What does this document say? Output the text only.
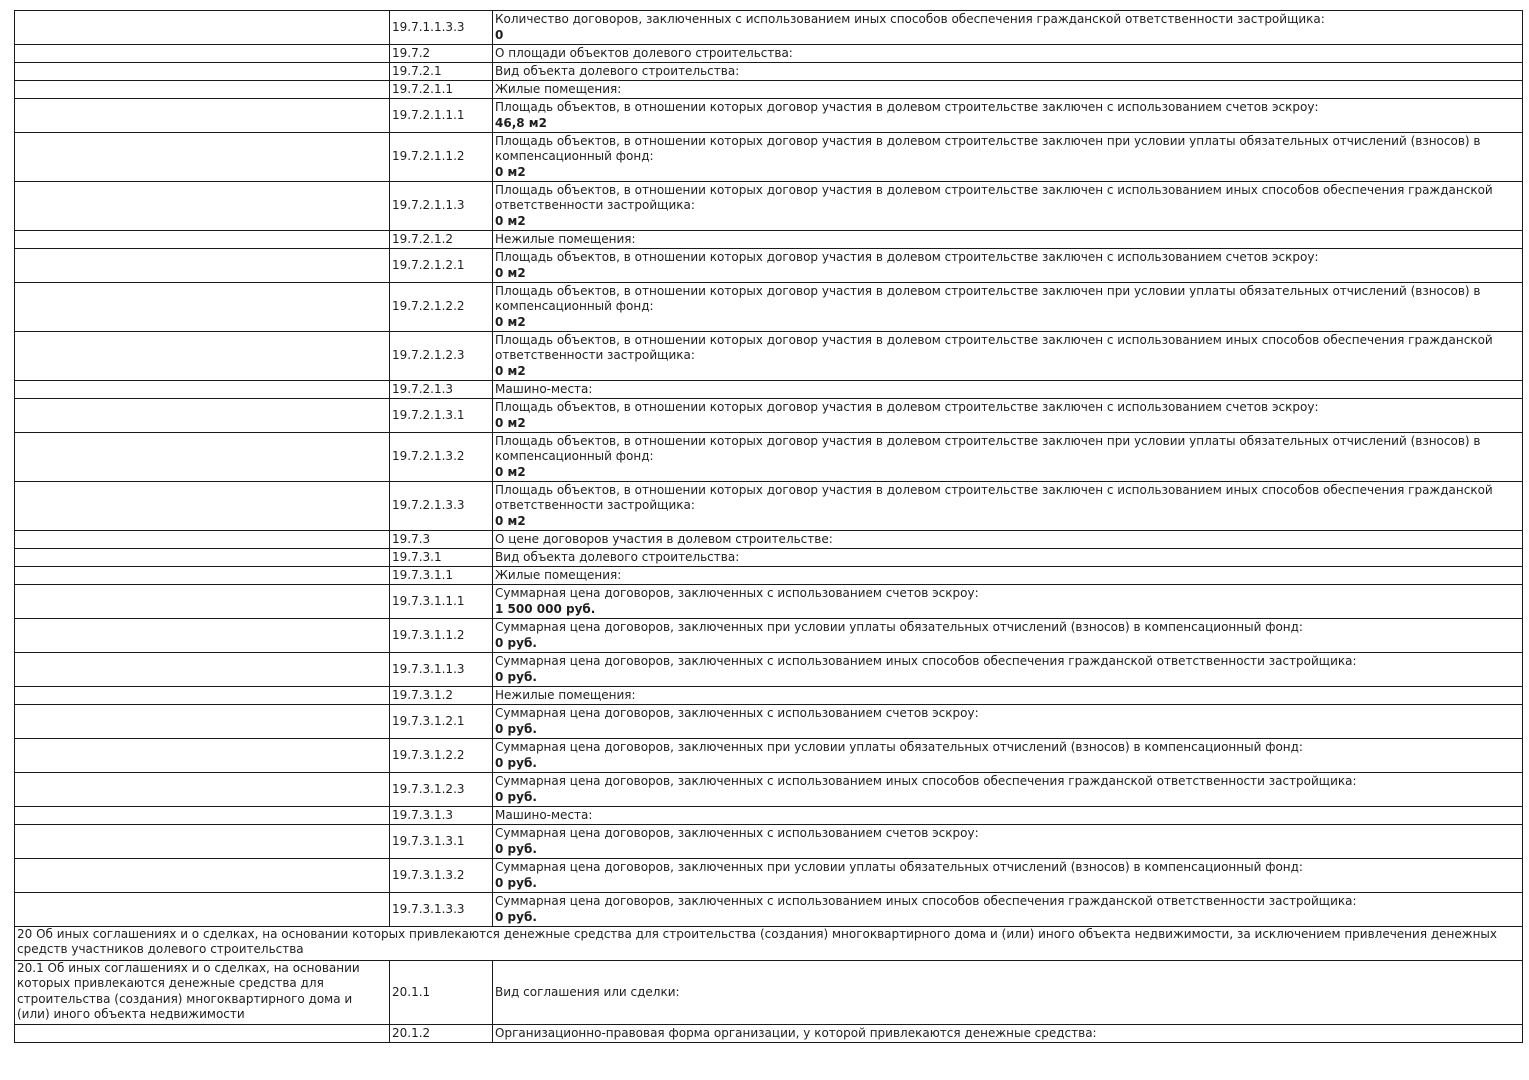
	19.7.1.1.3.3	Количество договоров, заключенных с использованием иных способов обеспечения гражданской ответственности застройщика:
0

	19.7.2	О площади объектов долевого строительства:

	19.7.2.1	Вид объекта долевого строительства:

	19.7.2.1.1	Жилые помещения:

	19.7.2.1.1.1	Площадь объектов, в отношении которых договор участия в долевом строительстве заключен с использованием счетов эскроу:
46,8 м2

	19.7.2.1.1.2	Площадь объектов, в отношении которых договор участия в долевом строительстве заключен при условии уплаты обязательных отчислений (взносов) в компенсационный фонд:
0 м2

	19.7.2.1.1.3	Площадь объектов, в отношении которых договор участия в долевом строительстве заключен с использованием иных способов обеспечения гражданской ответственности застройщика:
0 м2

	19.7.2.1.2	Нежилые помещения:

	19.7.2.1.2.1	Площадь объектов, в отношении которых договор участия в долевом строительстве заключен с использованием счетов эскроу:
0 м2

	19.7.2.1.2.2	Площадь объектов, в отношении которых договор участия в долевом строительстве заключен при условии уплаты обязательных отчислений (взносов) в компенсационный фонд:
0 м2

	19.7.2.1.2.3	Площадь объектов, в отношении которых договор участия в долевом строительстве заключен с использованием иных способов обеспечения гражданской ответственности застройщика:
0 м2

	19.7.2.1.3	Машино-места:

	19.7.2.1.3.1	Площадь объектов, в отношении которых договор участия в долевом строительстве заключен с использованием счетов эскроу:
0 м2

	19.7.2.1.3.2	Площадь объектов, в отношении которых договор участия в долевом строительстве заключен при условии уплаты обязательных отчислений (взносов) в компенсационный фонд:
0 м2

	19.7.2.1.3.3	Площадь объектов, в отношении которых договор участия в долевом строительстве заключен с использованием иных способов обеспечения гражданской ответственности застройщика:
0 м2

	19.7.3	О цене договоров участия в долевом строительстве:

	19.7.3.1	Вид объекта долевого строительства:

	19.7.3.1.1	Жилые помещения:

	19.7.3.1.1.1	Суммарная цена договоров, заключенных с использованием счетов эскроу:
1 500 000 руб.

	19.7.3.1.1.2	Суммарная цена договоров, заключенных при условии уплаты обязательных отчислений (взносов) в компенсационный фонд:
0 руб.

	19.7.3.1.1.3	Суммарная цена договоров, заключенных с использованием иных способов обеспечения гражданской ответственности застройщика:
0 руб.

	19.7.3.1.2	Нежилые помещения:

	19.7.3.1.2.1	Суммарная цена договоров, заключенных с использованием счетов эскроу:
0 руб.

	19.7.3.1.2.2	Суммарная цена договоров, заключенных при условии уплаты обязательных отчислений (взносов) в компенсационный фонд:
0 руб.

	19.7.3.1.2.3	Суммарная цена договоров, заключенных с использованием иных способов обеспечения гражданской ответственности застройщика:
0 руб.

	19.7.3.1.3	Машино-места:

	19.7.3.1.3.1	Суммарная цена договоров, заключенных с использованием счетов эскроу:
0 руб.

	19.7.3.1.3.2	Суммарная цена договоров, заключенных при условии уплаты обязательных отчислений (взносов) в компенсационный фонд:
0 руб.

	19.7.3.1.3.3	Суммарная цена договоров, заключенных с использованием иных способов обеспечения гражданской ответственности застройщика:
0 руб.

20 Об иных соглашениях и о сделках, на основании которых привлекаются денежные средства для строительства (создания) многоквартирного дома и (или) иного объекта недвижимости, за исключением привлечения денежных средств участников долевого строительства		
20.1 Об иных соглашениях и о сделках, на основании которых привлекаются денежные средства для строительства (создания) многоквартирного дома и (или) иного объекта недвижимости	20.1.1	Вид соглашения или сделки:

	20.1.2	Организационно-правовая форма организации, у которой привлекаются денежные средства:
